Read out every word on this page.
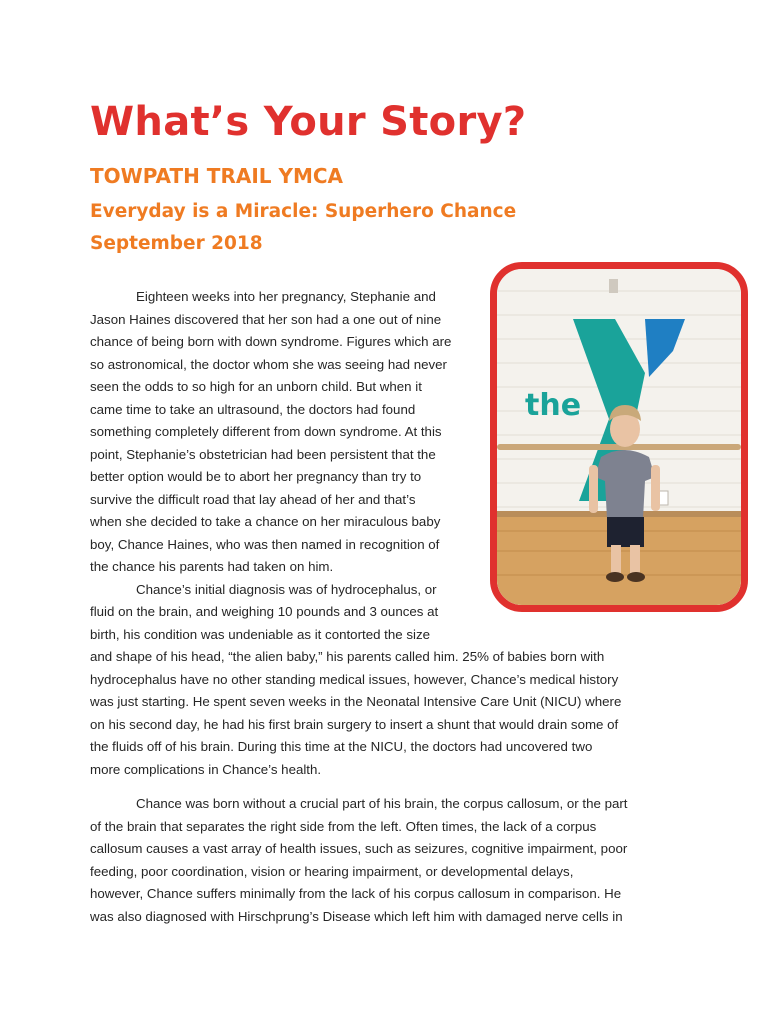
What’s Your Story?
TOWPATH TRAIL YMCA
Everyday is a Miracle: Superhero Chance
September 2018
the

Eighteen weeks into her pregnancy, Stephanie and
Jason Haines discovered that her son had a one out of nine
chance of being born with down syndrome. Figures which are
so astronomical, the doctor whom she was seeing had never
seen the odds to so high for an unborn child. But when it
came time to take an ultrasound, the doctors had found
something completely different from down syndrome. At this
point, Stephanie’s obstetrician had been persistent that the
better option would be to abort her pregnancy than try to
survive the difficult road that lay ahead of her and that’s
when she decided to take a chance on her miraculous baby
boy, Chance Haines, who was then named in recognition of
the chance his parents had taken on him.

Chance’s initial diagnosis was of hydrocephalus, or
fluid on the brain, and weighing 10 pounds and 3 ounces at
birth, his condition was undeniable as it contorted the size
and shape of his head, “the alien baby,” his parents called him. 25% of babies born with
hydrocephalus have no other standing medical issues, however, Chance’s medical history
was just starting. He spent seven weeks in the Neonatal Intensive Care Unit (NICU) where
on his second day, he had his first brain surgery to insert a shunt that would drain some of
the fluids off of his brain. During this time at the NICU, the doctors had uncovered two
more complications in Chance’s health.

Chance was born without a crucial part of his brain, the corpus callosum, or the part
of the brain that separates the right side from the left. Often times, the lack of a corpus
callosum causes a vast array of health issues, such as seizures, cognitive impairment, poor
feeding, poor coordination, vision or hearing impairment, or developmental delays,
however, Chance suffers minimally from the lack of his corpus callosum in comparison. He
was also diagnosed with Hirschprung’s Disease which left him with damaged nerve cells in
